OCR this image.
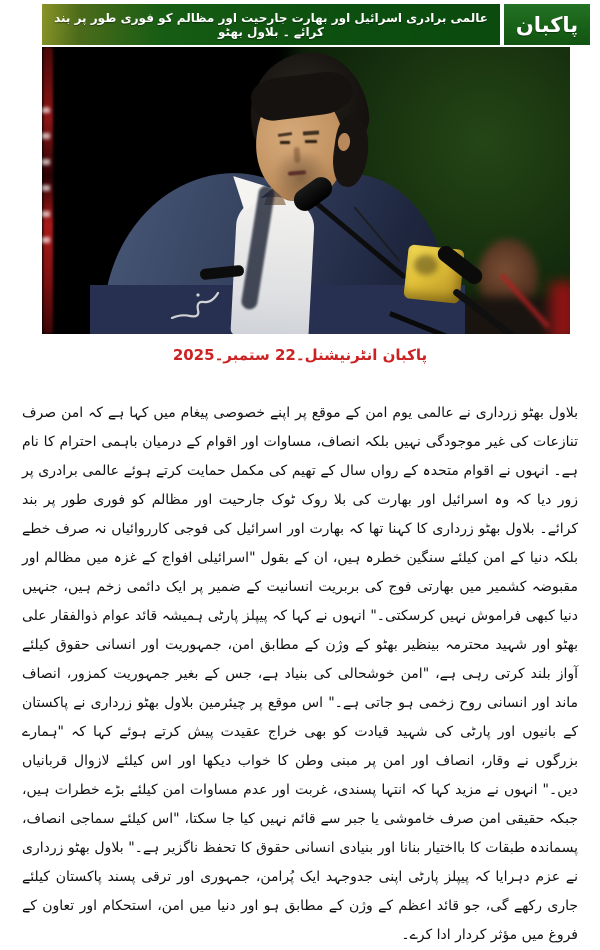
عالمی برادری اسرائیل اور بھارت جارحیت اور مظالم کو فوری طور پر بند کرائے ۔ بلاول بھٹو	پاکبان
پاکبان انٹرنیشنل۔22 ستمبر۔2025
بلاول بھٹو زرداری نے عالمی یوم امن کے موقع پر اپنے خصوصی پیغام میں کہا ہے کہ امن صرف تنازعات کی غیر موجودگی نہیں بلکہ انصاف، مساوات اور اقوام کے درمیان باہمی احترام کا نام ہے۔ انہوں نے اقوام متحدہ کے رواں سال کے تھیم کی مکمل حمایت کرتے ہوئے عالمی برادری پر زور دیا کہ وہ اسرائیل اور بھارت کی بلا روک ٹوک جارحیت اور مظالم کو فوری طور پر بند کرائے۔ بلاول بھٹو زرداری کا کہنا تھا کہ بھارت اور اسرائیل کی فوجی کارروائیاں نہ صرف خطے بلکہ دنیا کے امن کیلئے سنگین خطرہ ہیں، ان کے بقول "اسرائیلی افواج کے غزہ میں مظالم اور مقبوضہ کشمیر میں بھارتی فوج کی بربریت انسانیت کے ضمیر پر ایک دائمی زخم ہیں، جنہیں دنیا کبھی فراموش نہیں کرسکتی۔" انہوں نے کہا کہ پیپلز پارٹی ہمیشہ قائد عوام ذوالفقار علی بھٹو اور شہید محترمہ بینظیر بھٹو کے وژن کے مطابق امن، جمہوریت اور انسانی حقوق کیلئے آواز بلند کرتی رہی ہے، "امن خوشحالی کی بنیاد ہے، جس کے بغیر جمہوریت کمزور، انصاف ماند اور انسانی روح زخمی ہو جاتی ہے۔" اس موقع پر چیئرمین بلاول بھٹو زرداری نے پاکستان کے بانیوں اور پارٹی کی شہید قیادت کو بھی خراج عقیدت پیش کرتے ہوئے کہا کہ "ہمارے بزرگوں نے وقار، انصاف اور امن پر مبنی وطن کا خواب دیکھا اور اس کیلئے لازوال قربانیاں دیں۔" انہوں نے مزید کہا کہ انتہا پسندی، غربت اور عدم مساوات امن کیلئے بڑے خطرات ہیں، جبکہ حقیقی امن صرف خاموشی یا جبر سے قائم نہیں کیا جا سکتا، "اس کیلئے سماجی انصاف، پسماندہ طبقات کا بااختیار بنانا اور بنیادی انسانی حقوق کا تحفظ ناگزیر ہے۔" بلاول بھٹو زرداری نے عزم دہرایا کہ پیپلز پارٹی اپنی جدوجہد ایک پُرامن، جمہوری اور ترقی پسند پاکستان کیلئے جاری رکھے گی، جو قائد اعظم کے وژن کے مطابق ہو اور دنیا میں امن، استحکام اور تعاون کے فروغ میں مؤثر کردار ادا کرے۔
